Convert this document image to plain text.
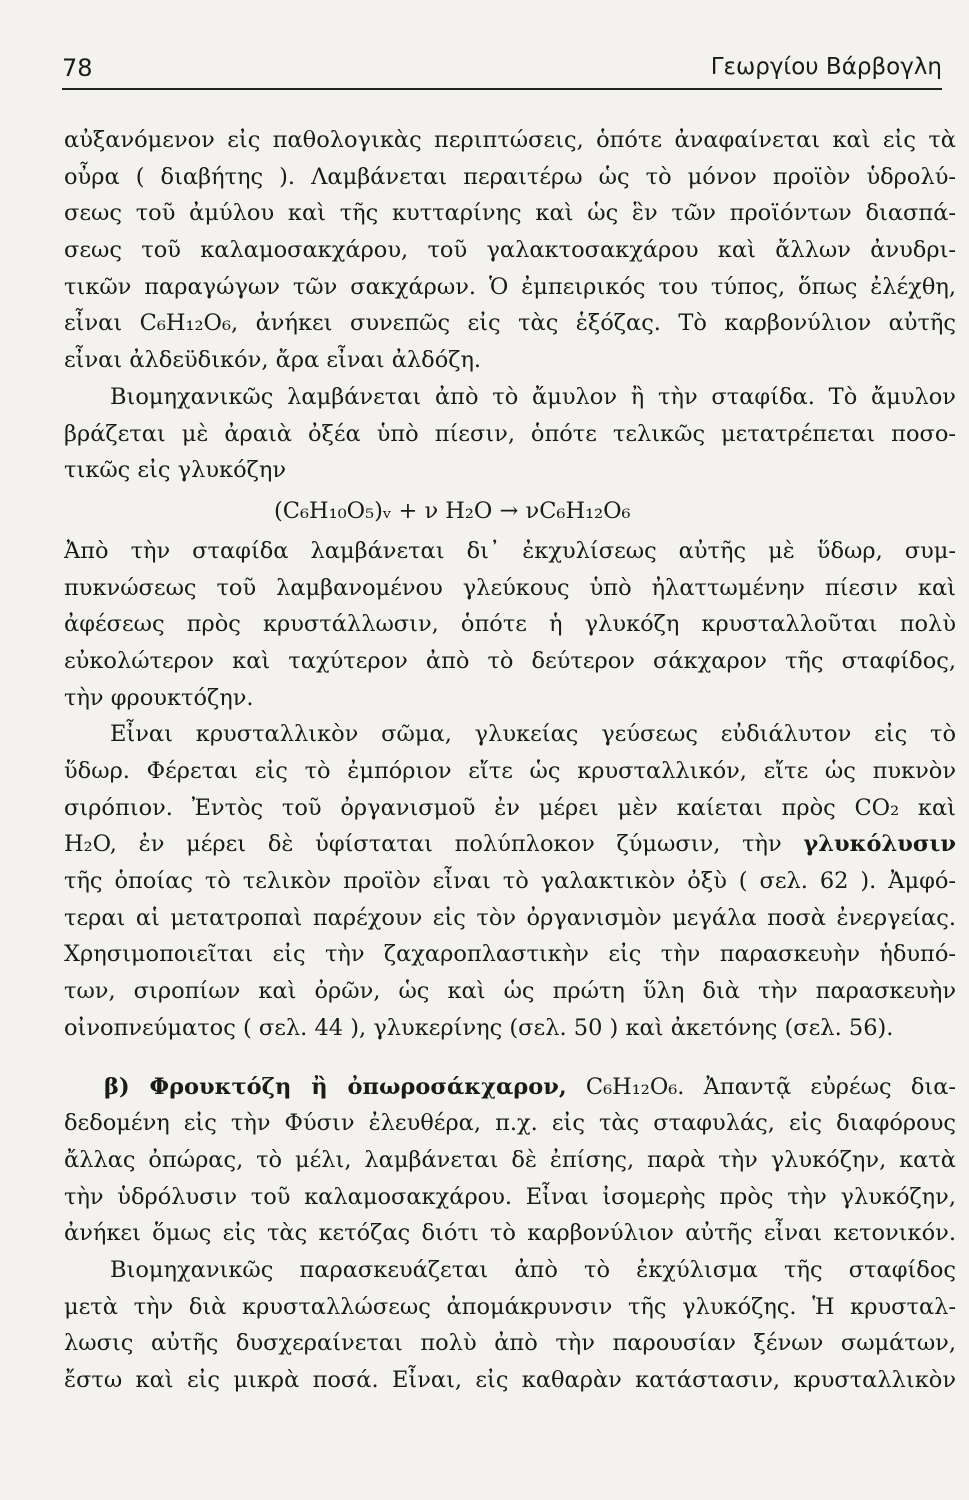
78	Γεωργίου Βάρβογλη
αὐξανόμενον εἰς παθολογικὰς περιπτώσεις, ὁπότε ἀναφαίνεται καὶ εἰς τὰ
οὖρα ( διαβήτης ). Λαμβάνεται περαιτέρω ὡς τὸ μόνον προϊὸν ὑδρολύ-
σεως τοῦ ἀμύλου καὶ τῆς κυτταρίνης καὶ ὡς ἓν τῶν προϊόντων διασπά-
σεως τοῦ καλαμοσακχάρου, τοῦ γαλακτοσακχάρου καὶ ἄλλων ἀνυδρι-
τικῶν παραγώγων τῶν σακχάρων. Ὁ ἐμπειρικός του τύπος, ὅπως ἐλέχθη,
εἶναι C₆H₁₂O₆, ἀνήκει συνεπῶς εἰς τὰς ἑξόζας. Τὸ καρβονύλιον αὐτῆς
εἶναι ἀλδεϋδικόν, ἄρα εἶναι ἀλδόζη.
Βιομηχανικῶς λαμβάνεται ἀπὸ τὸ ἄμυλον ἢ τὴν σταφίδα. Τὸ ἄμυλον
βράζεται μὲ ἀραιὰ ὀξέα ὑπὸ πίεσιν, ὁπότε τελικῶς μετατρέπεται ποσο-
τικῶς εἰς γλυκόζην
(C₆H₁₀O₅)ᵥ + ν H₂O → νC₆H₁₂O₆
Ἀπὸ τὴν σταφίδα λαμβάνεται δι᾽ ἐκχυλίσεως αὐτῆς μὲ ὕδωρ, συμ-
πυκνώσεως τοῦ λαμβανομένου γλεύκους ὑπὸ ἠλαττωμένην πίεσιν καὶ
ἀφέσεως πρὸς κρυστάλλωσιν, ὁπότε ἡ γλυκόζη κρυσταλλοῦται πολὺ
εὐκολώτερον καὶ ταχύτερον ἀπὸ τὸ δεύτερον σάκχαρον τῆς σταφίδος,
τὴν φρουκτόζην.
Εἶναι κρυσταλλικὸν σῶμα, γλυκείας γεύσεως εὐδιάλυτον εἰς τὸ
ὕδωρ. Φέρεται εἰς τὸ ἐμπόριον εἴτε ὡς κρυσταλλικόν, εἴτε ὡς πυκνὸν
σιρόπιον. Ἐντὸς τοῦ ὀργανισμοῦ ἐν μέρει μὲν καίεται πρὸς CO₂ καὶ
H₂O, ἐν μέρει δὲ ὑφίσταται πολύπλοκον ζύμωσιν, τὴν γλυκόλυσιν
τῆς ὁποίας τὸ τελικὸν προϊὸν εἶναι τὸ γαλακτικὸν ὀξὺ ( σελ. 62 ). Ἀμφό-
τεραι αἱ μετατροπαὶ παρέχουν εἰς τὸν ὀργανισμὸν μεγάλα ποσὰ ἐνεργείας.
Χρησιμοποιεῖται εἰς τὴν ζαχαροπλαστικὴν εἰς τὴν παρασκευὴν ἡδυπό-
των, σιροπίων καὶ ὀρῶν, ὡς καὶ ὡς πρώτη ὕλη διὰ τὴν παρασκευὴν
οἰνοπνεύματος ( σελ. 44 ), γλυκερίνης (σελ. 50 ) καὶ ἀκετόνης (σελ. 56).
β) Φρουκτόζη ἢ ὀπωροσάκχαρον, C₆H₁₂O₆. Ἀπαντᾷ εὐρέως δια-
δεδομένη εἰς τὴν Φύσιν ἐλευθέρα, π.χ. εἰς τὰς σταφυλάς, εἰς διαφόρους
ἄλλας ὀπώρας, τὸ μέλι, λαμβάνεται δὲ ἐπίσης, παρὰ τὴν γλυκόζην, κατὰ
τὴν ὑδρόλυσιν τοῦ καλαμοσακχάρου. Εἶναι ἰσομερὴς πρὸς τὴν γλυκόζην,
ἀνήκει ὅμως εἰς τὰς κετόζας διότι τὸ καρβονύλιον αὐτῆς εἶναι κετονικόν.
Βιομηχανικῶς παρασκευάζεται ἀπὸ τὸ ἐκχύλισμα τῆς σταφίδος
μετὰ τὴν διὰ κρυσταλλώσεως ἀπομάκρυνσιν τῆς γλυκόζης. Ἡ κρυσταλ-
λωσις αὐτῆς δυσχεραίνεται πολὺ ἀπὸ τὴν παρουσίαν ξένων σωμάτων,
ἔστω καὶ εἰς μικρὰ ποσά. Εἶναι, εἰς καθαρὰν κατάστασιν, κρυσταλλικὸν
